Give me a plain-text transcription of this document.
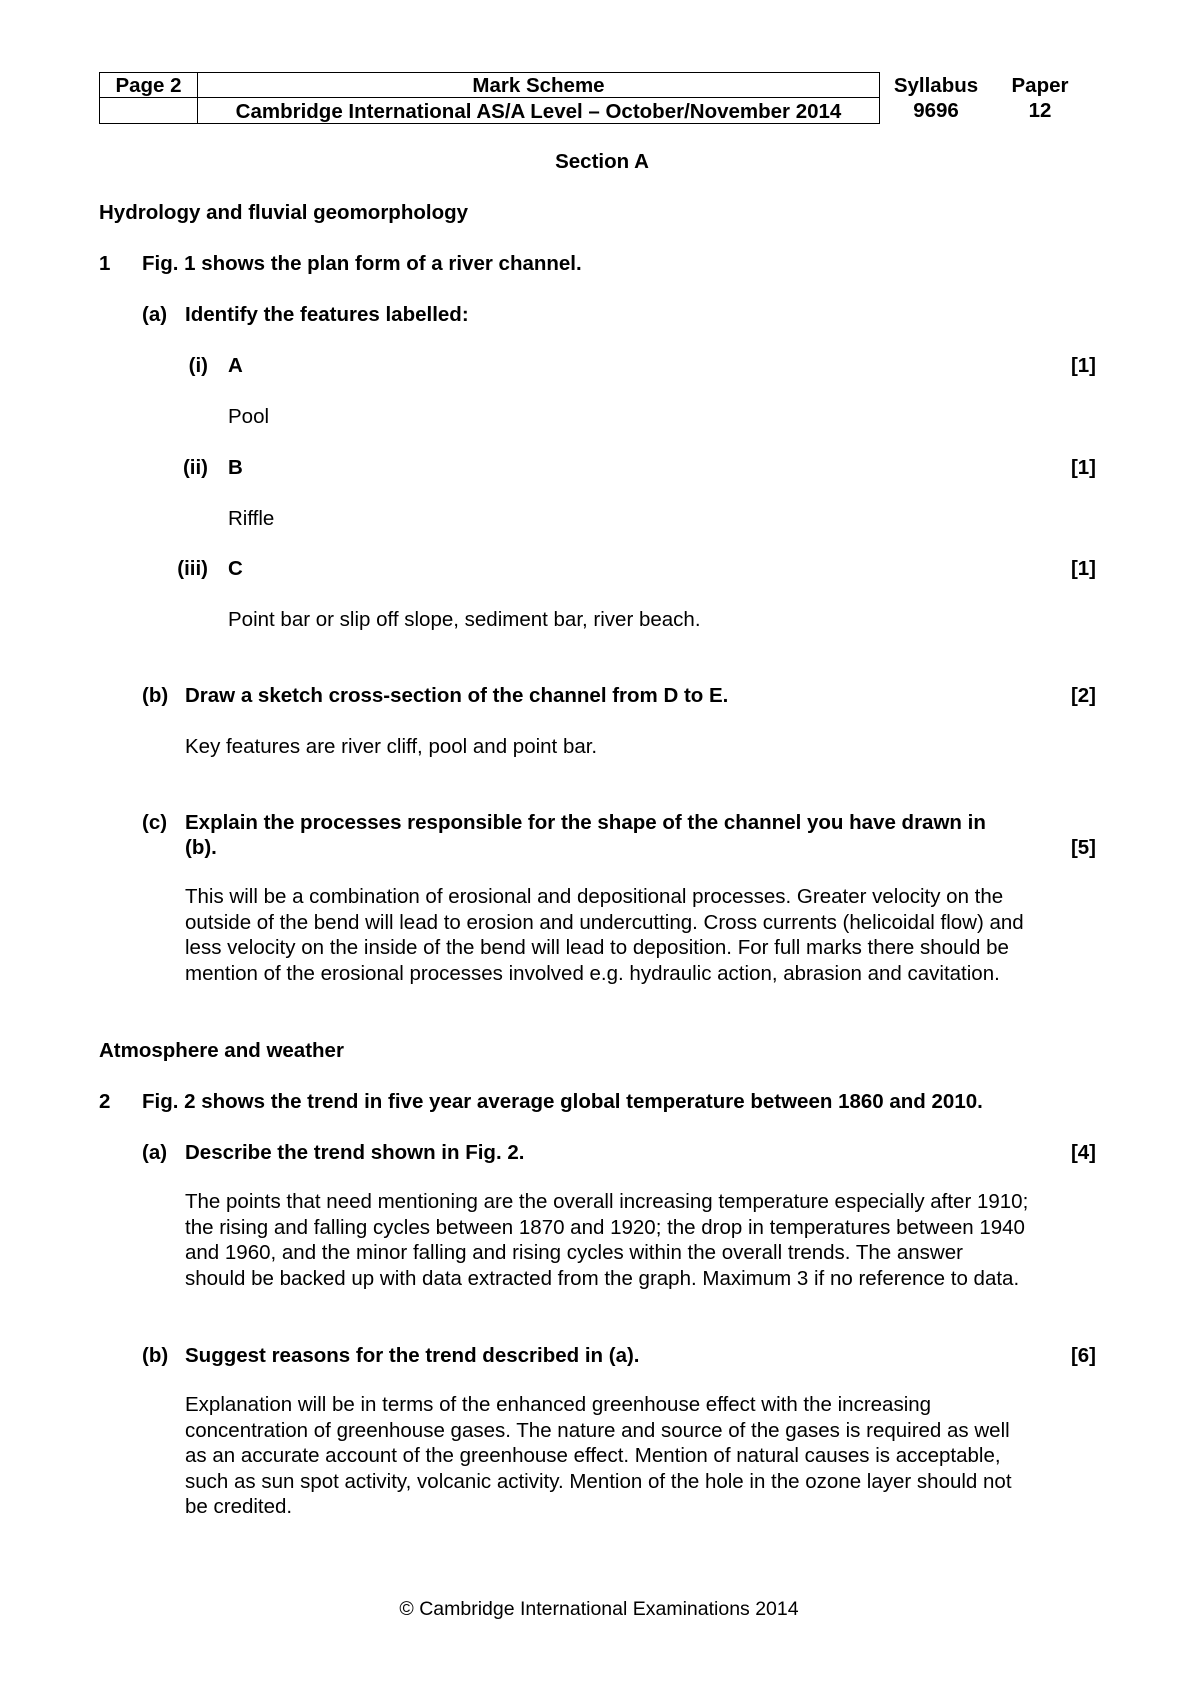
Page 2	Mark Scheme
Cambridge International AS/A Level – October/November 2014
Syllabus
9696
Paper
12
Section A
Hydrology and fluvial geomorphology
1 Fig. 1 shows the plan form of a river channel.
(a) Identify the features labelled:
(i) A	[1]
Pool
(ii) B	[1]
Riffle
(iii) C	[1]
Point bar or slip off slope, sediment bar, river beach.
(b) Draw a sketch cross-section of the channel from D to E.	[2]
Key features are river cliff, pool and point bar.
(c) Explain the processes responsible for the shape of the channel you have drawn in
(b).	[5]
This will be a combination of erosional and depositional processes. Greater velocity on the
outside of the bend will lead to erosion and undercutting. Cross currents (helicoidal flow) and
less velocity on the inside of the bend will lead to deposition. For full marks there should be
mention of the erosional processes involved e.g. hydraulic action, abrasion and cavitation.
Atmosphere and weather
2 Fig. 2 shows the trend in five year average global temperature between 1860 and 2010.
(a) Describe the trend shown in Fig. 2.	[4]
The points that need mentioning are the overall increasing temperature especially after 1910;
the rising and falling cycles between 1870 and 1920; the drop in temperatures between 1940
and 1960, and the minor falling and rising cycles within the overall trends. The answer
should be backed up with data extracted from the graph. Maximum 3 if no reference to data.
(b) Suggest reasons for the trend described in (a).	[6]
Explanation will be in terms of the enhanced greenhouse effect with the increasing
concentration of greenhouse gases. The nature and source of the gases is required as well
as an accurate account of the greenhouse effect. Mention of natural causes is acceptable,
such as sun spot activity, volcanic activity. Mention of the hole in the ozone layer should not
be credited.
© Cambridge International Examinations 2014
